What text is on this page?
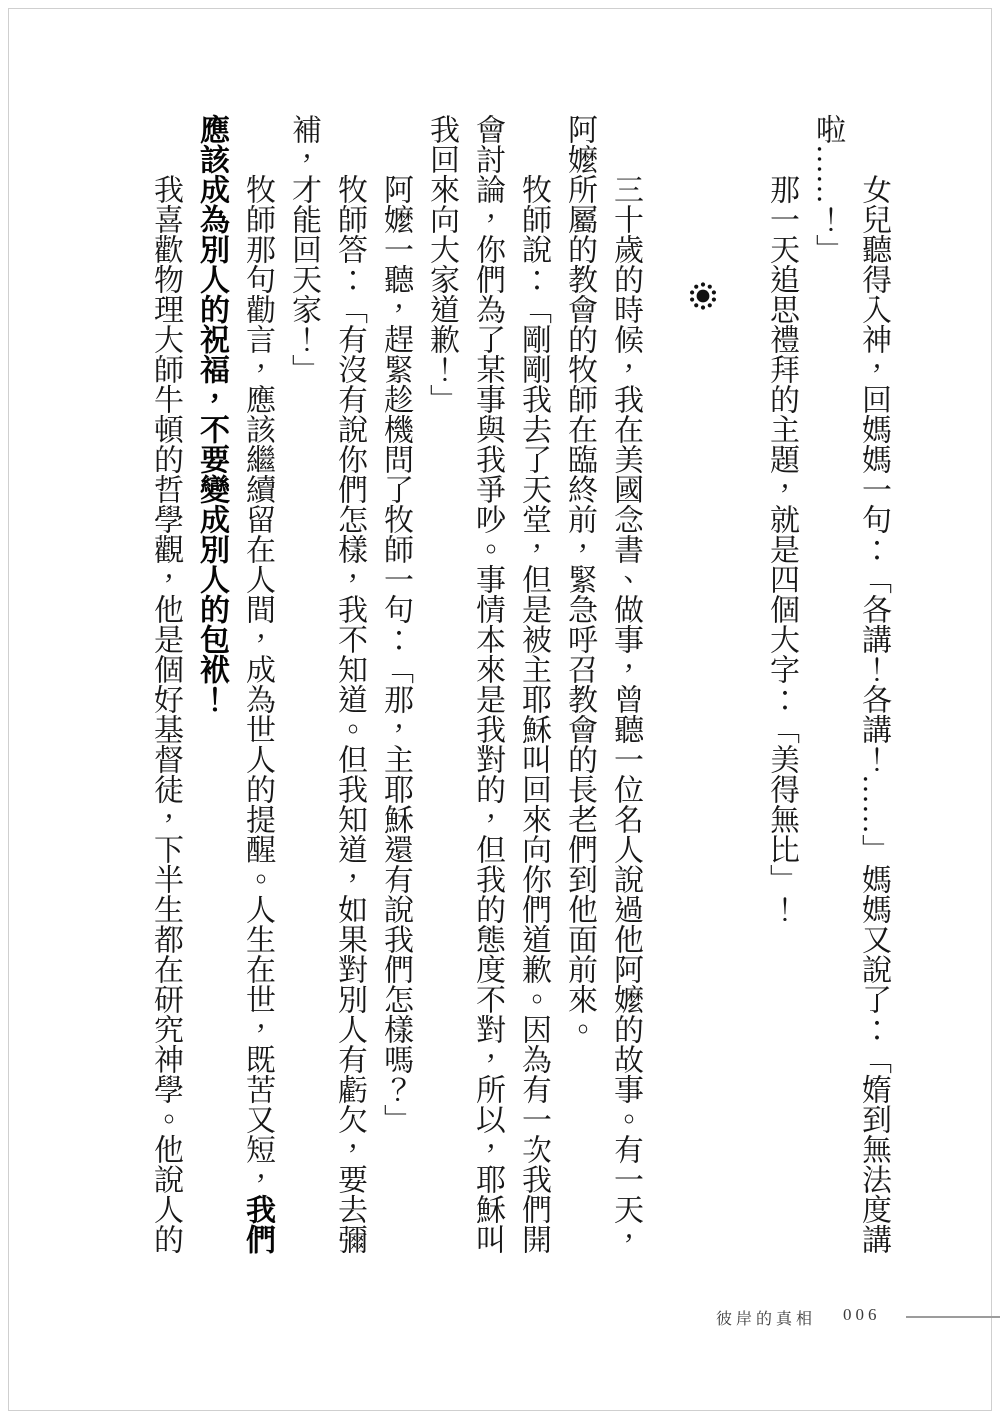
女兒聽得入神，回媽媽一句：「各講！各講！……」媽媽又說了：「媠到無法度講啦……！」

那一天追思禮拜的主題，就是四個大字：「美得無比」！

三十歲的時候，我在美國念書、做事，曾聽一位名人說過他阿嬤的故事。有一天，阿嬤所屬的教會的牧師在臨終前，緊急呼召教會的長老們到他面前來。

牧師說：「剛剛我去了天堂，但是被主耶穌叫回來向你們道歉。因為有一次我們開會討論，你們為了某事與我爭吵。事情本來是我對的，但我的態度不對，所以，耶穌叫我回來向大家道歉！」

阿嬤一聽，趕緊趁機問了牧師一句：「那，主耶穌還有說我們怎樣嗎？」

牧師答：「有沒有說你們怎樣，我不知道。但我知道，如果對別人有虧欠，要去彌補，才能回天家！」

牧師那句勸言，應該繼續留在人間，成為世人的提醒。人生在世，既苦又短，我們應該成為別人的祝福，不要變成別人的包袱！

我喜歡物理大師牛頓的哲學觀，他是個好基督徒，下半生都在研究神學。他說人的

彼岸的真相 006
